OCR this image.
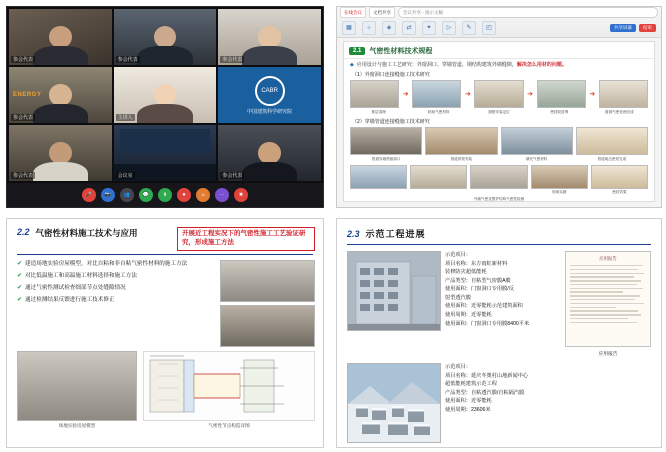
参会代表	参会代表	参会代表
ENERGY
参会代表	主讲人
CABR
中国建筑科学研究院
参会代表	会议室	参会代表
🎤	📷	👥	💬	⬆	⏺	☺	⋯	✖
在线会议	文档共享	会议共享 - 演示文稿
▦	＋	◈	⇄	✦	▷	✎	◰	共享屏幕	结束
2.1	气密性材料技术规程
◆ 应用设计与施工工艺研究：外窗洞口、穿墙管道、钢结构建筑外墙缝隙，解决怎么用材的问题。
（1）外窗洞口连接缝施工技术研究
➜	➜	➜	➜
基层清理	粘贴气密材料	窗框安装定位	密封胶封堵	窗洞气密处理完成
（2）穿墙管道连接缝施工技术研究
管道穿墙预留洞口	管道套管安装	填充气密材料	管道周边密封完成
现场实测	密封效果
外墙气密及围护结构气密性检测
2.2 气密性材料施工技术与应用	开展近工程实况下的气密性施工工艺验证研究，形成施工方法
✔ 建造场地实验房屋模型，对比自粘和非自粘气密性材料的施工方法
✔ 对比低温施工和高温施工材料选择和施工方法
✔ 通过气密性测试检查细部节点处缝隙情况
✔ 通过检测结果反馈进行施工技术修正
场地实验房屋模型	气密性节点构造详图
2.3 示范工程进展
示范项目：
项目名称：东方雨虹新材料
装修防灾超低能耗
产品类型：自粘型气密膜A膜
使用面积：门窗洞口专用膜/反
射型透汽膜
使用面积：近零能耗示范建筑面积
使用周期：近零能耗
使用面积：门窗洞口专用膜8400平米
应用报告
应用报告
示范项目：
项目名称：延庆冬奥村山地新闻中心
超低能耗建筑示范工程
产品类型：自粘透汽膜/自粘隔汽膜
使用面积：近零能耗
使用周期：23606米
